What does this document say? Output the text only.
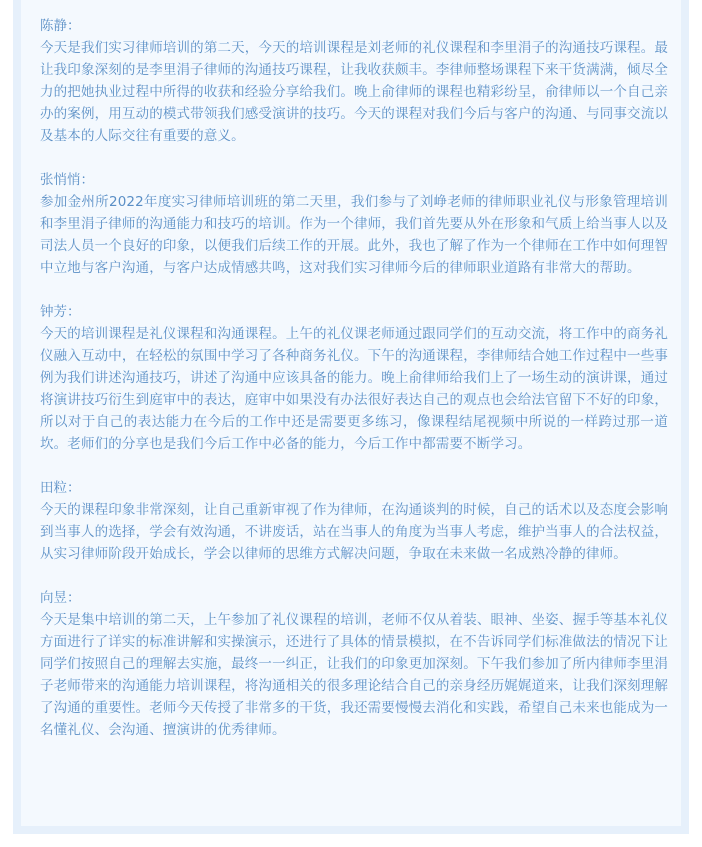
陈静：

今天是我们实习律师培训的第二天，今天的培训课程是刘老师的礼仪课程和李里涓子的沟通技巧课程。最让我印象深刻的是李里涓子律师的沟通技巧课程，让我收获颇丰。李律师整场课程下来干货满满，倾尽全力的把她执业过程中所得的收获和经验分享给我们。晚上俞律师的课程也精彩纷呈，俞律师以一个自己亲办的案例，用互动的模式带领我们感受演讲的技巧。今天的课程对我们今后与客户的沟通、与同事交流以及基本的人际交往有重要的意义。

张悄悄：

参加金州所2022年度实习律师培训班的第二天里，我们参与了刘峥老师的律师职业礼仪与形象管理培训和李里涓子律师的沟通能力和技巧的培训。作为一个律师，我们首先要从外在形象和气质上给当事人以及司法人员一个良好的印象，以便我们后续工作的开展。此外，我也了解了作为一个律师在工作中如何理智中立地与客户沟通，与客户达成情感共鸣，这对我们实习律师今后的律师职业道路有非常大的帮助。

钟芳：

今天的培训课程是礼仪课程和沟通课程。上午的礼仪课老师通过跟同学们的互动交流，将工作中的商务礼仪融入互动中，在轻松的氛围中学习了各种商务礼仪。下午的沟通课程，李律师结合她工作过程中一些事例为我们讲述沟通技巧，讲述了沟通中应该具备的能力。晚上俞律师给我们上了一场生动的演讲课，通过将演讲技巧衍生到庭审中的表达，庭审中如果没有办法很好表达自己的观点也会给法官留下不好的印象，所以对于自己的表达能力在今后的工作中还是需要更多练习，像课程结尾视频中所说的一样跨过那一道坎。老师们的分享也是我们今后工作中必备的能力，今后工作中都需要不断学习。

田粒：

今天的课程印象非常深刻，让自己重新审视了作为律师，在沟通谈判的时候，自己的话术以及态度会影响到当事人的选择，学会有效沟通，不讲废话，站在当事人的角度为当事人考虑，维护当事人的合法权益，从实习律师阶段开始成长，学会以律师的思维方式解决问题，争取在未来做一名成熟冷静的律师。

向昱：

今天是集中培训的第二天，上午参加了礼仪课程的培训，老师不仅从着装、眼神、坐姿、握手等基本礼仪方面进行了详实的标准讲解和实操演示，还进行了具体的情景模拟，在不告诉同学们标准做法的情况下让同学们按照自己的理解去实施，最终一一纠正，让我们的印象更加深刻。下午我们参加了所内律师李里涓子老师带来的沟通能力培训课程，将沟通相关的很多理论结合自己的亲身经历娓娓道来，让我们深刻理解了沟通的重要性。老师今天传授了非常多的干货，我还需要慢慢去消化和实践，希望自己未来也能成为一名懂礼仪、会沟通、擅演讲的优秀律师。
